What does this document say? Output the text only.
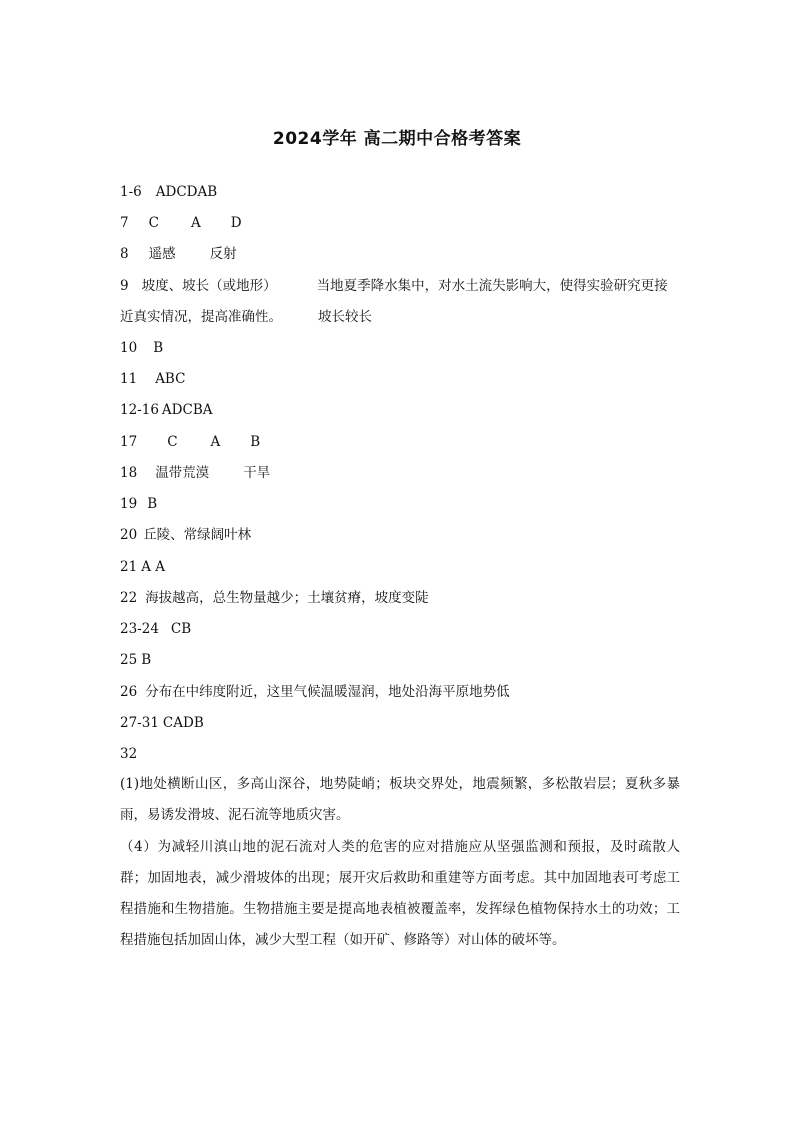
2024学年 高二期中合格考答案
1-6 ADCDAB
7 C A D
8 遥感	反射
9 坡度、坡长（或地形）	当地夏季降水集中，对水土流失影响大，使得实验研究更接
近真实情况，提高准确性。	坡长较长
10 B
11 ABC
12-16 ADCBA
17 C A B
18 温带荒漠	干旱
19 B
20 丘陵、常绿阔叶林
21 A A
22 海拔越高，总生物量越少；土壤贫瘠，坡度变陡
23-24 CB
25 B
26 分布在中纬度附近，这里气候温暖湿润，地处沿海平原地势低
27-31 CADB
32
(1)地处横断山区，多高山深谷，地势陡峭；板块交界处，地震频繁，多松散岩层；夏秋多暴雨，易诱发滑坡、泥石流等地质灾害。
（4）为减轻川滇山地的泥石流对人类的危害的应对措施应从坚强监测和预报，及时疏散人群；加固地表，减少滑坡体的出现；展开灾后救助和重建等方面考虑。其中加固地表可考虑工程措施和生物措施。生物措施主要是提高地表植被覆盖率，发挥绿色植物保持水土的功效；工程措施包括加固山体，减少大型工程（如开矿、修路等）对山体的破坏等。
